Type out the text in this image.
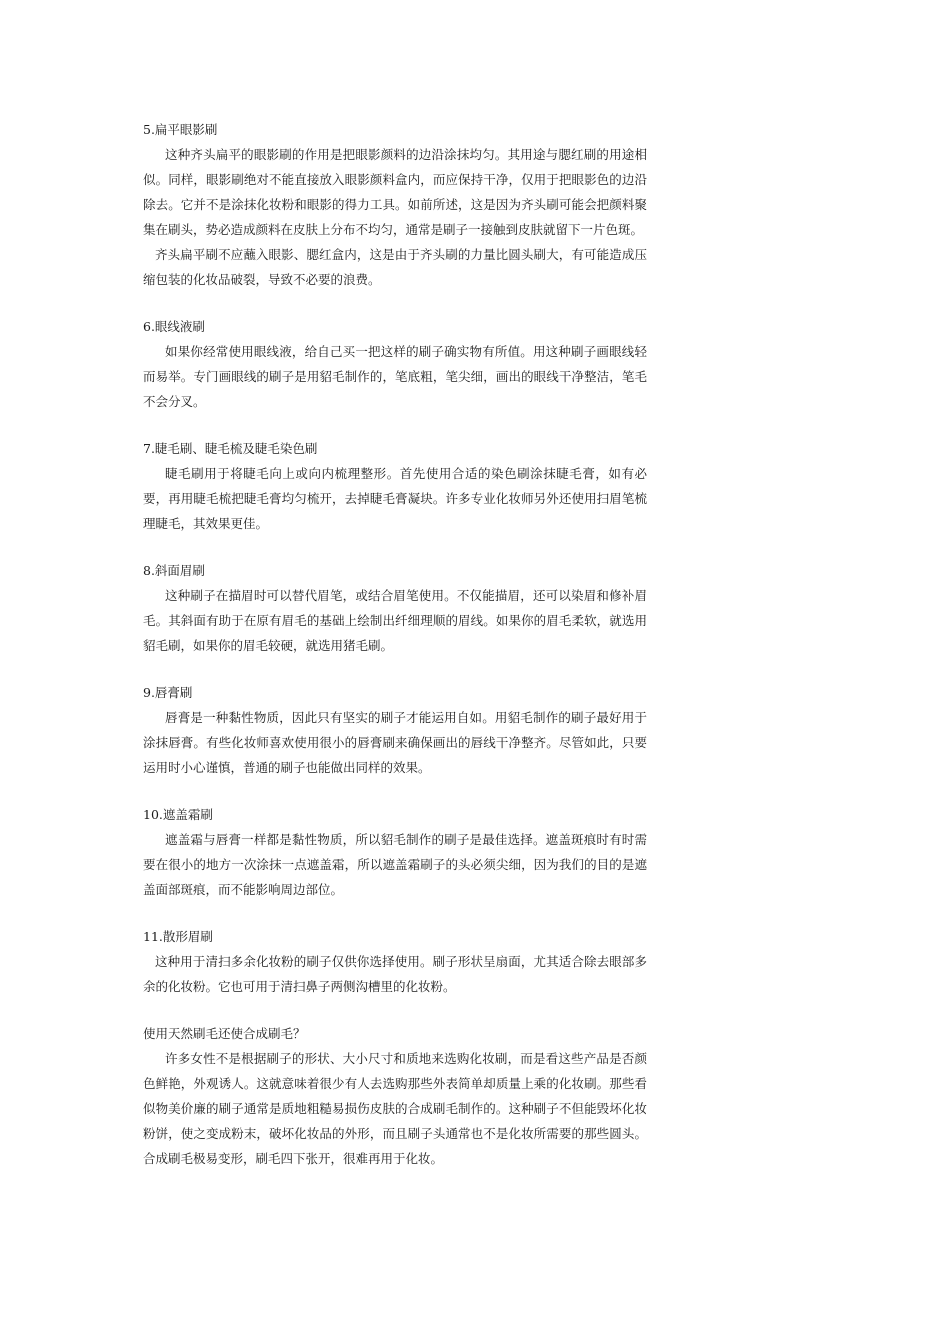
5.扁平眼影刷

这种齐头扁平的眼影刷的作用是把眼影颜料的边沿涂抹均匀。其用途与腮红刷的用途相似。同样，眼影刷绝对不能直接放入眼影颜料盒内，而应保持干净，仅用于把眼影色的边沿除去。它并不是涂抹化妆粉和眼影的得力工具。如前所述，这是因为齐头刷可能会把颜料聚集在刷头，势必造成颜料在皮肤上分布不均匀，通常是刷子一接触到皮肤就留下一片色斑。

齐头扁平刷不应蘸入眼影、腮红盒内，这是由于齐头刷的力量比圆头刷大，有可能造成压缩包装的化妆品破裂，导致不必要的浪费。

6.眼线液刷

如果你经常使用眼线液，给自己买一把这样的刷子确实物有所值。用这种刷子画眼线轻而易举。专门画眼线的刷子是用貂毛制作的，笔底粗，笔尖细，画出的眼线干净整洁，笔毛不会分叉。

7.睫毛刷、睫毛梳及睫毛染色刷

睫毛刷用于将睫毛向上或向内梳理整形。首先使用合适的染色刷涂抹睫毛膏，如有必要，再用睫毛梳把睫毛膏均匀梳开，去掉睫毛膏凝块。许多专业化妆师另外还使用扫眉笔梳理睫毛，其效果更佳。

8.斜面眉刷

这种刷子在描眉时可以替代眉笔，或结合眉笔使用。不仅能描眉，还可以染眉和修补眉毛。其斜面有助于在原有眉毛的基础上绘制出纤细理顺的眉线。如果你的眉毛柔软，就选用貂毛刷，如果你的眉毛较硬，就选用猪毛刷。

9.唇膏刷

唇膏是一种黏性物质，因此只有坚实的刷子才能运用自如。用貂毛制作的刷子最好用于涂抹唇膏。有些化妆师喜欢使用很小的唇膏刷来确保画出的唇线干净整齐。尽管如此，只要运用时小心谨慎，普通的刷子也能做出同样的效果。

10.遮盖霜刷

遮盖霜与唇膏一样都是黏性物质，所以貂毛制作的刷子是最佳选择。遮盖斑痕时有时需要在很小的地方一次涂抹一点遮盖霜，所以遮盖霜刷子的头必须尖细，因为我们的目的是遮盖面部斑痕，而不能影响周边部位。

11.散形眉刷

这种用于清扫多余化妆粉的刷子仅供你选择使用。刷子形状呈扇面，尤其适合除去眼部多余的化妆粉。它也可用于清扫鼻子两侧沟槽里的化妆粉。

使用天然刷毛还使合成刷毛？

许多女性不是根据刷子的形状、大小尺寸和质地来选购化妆刷，而是看这些产品是否颜色鲜艳，外观诱人。这就意味着很少有人去选购那些外表简单却质量上乘的化妆刷。那些看似物美价廉的刷子通常是质地粗糙易损伤皮肤的合成刷毛制作的。这种刷子不但能毁坏化妆粉饼，使之变成粉末，破坏化妆品的外形，而且刷子头通常也不是化妆所需要的那些圆头。合成刷毛极易变形，刷毛四下张开，很难再用于化妆。
